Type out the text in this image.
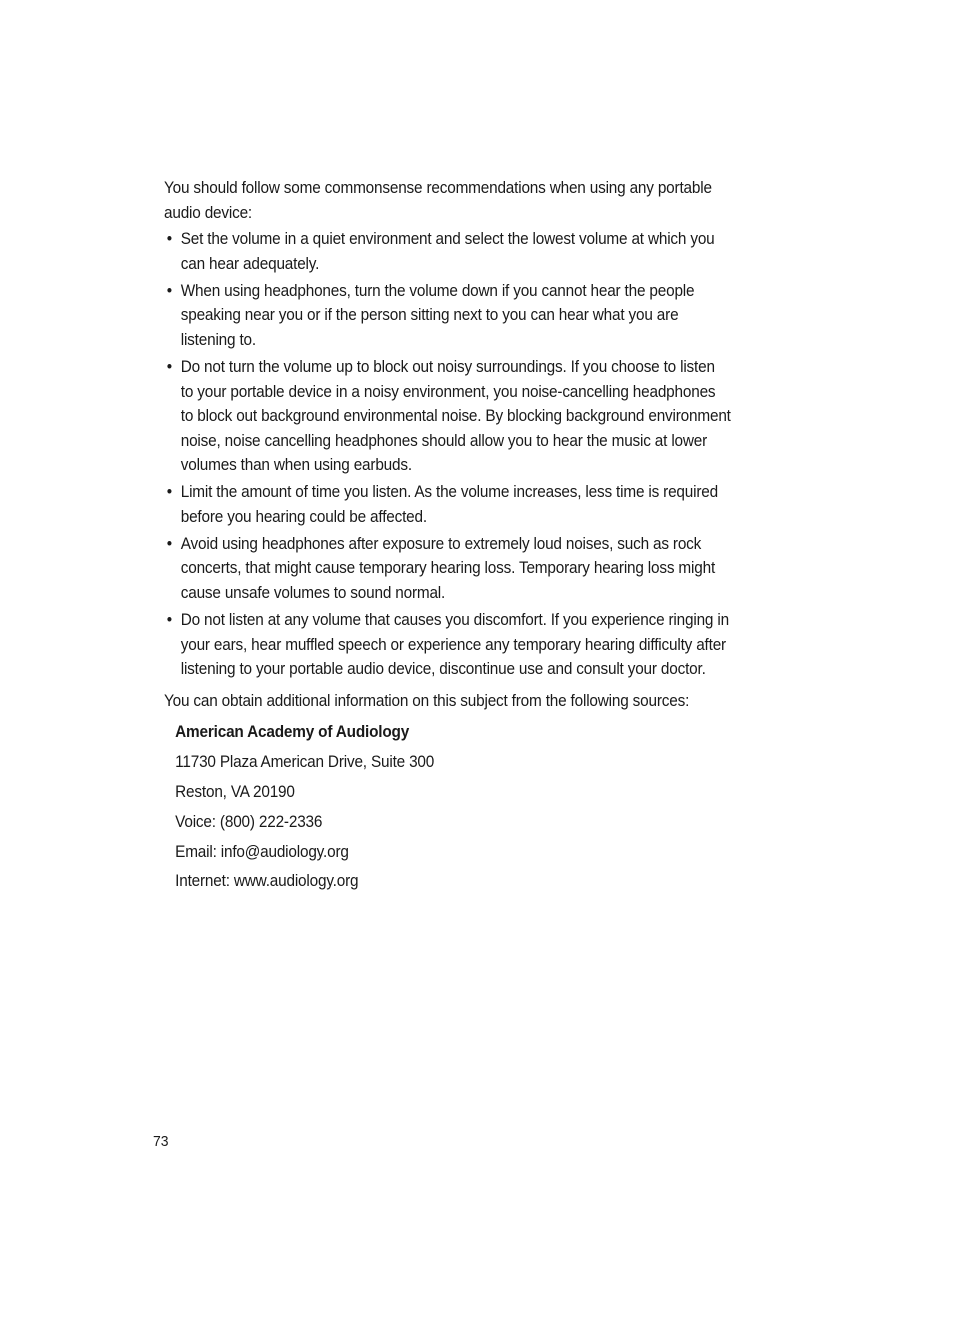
You should follow some commonsense recommendations when using any portable audio device:

• Set the volume in a quiet environment and select the lowest volume at which you can hear adequately.
• When using headphones, turn the volume down if you cannot hear the people speaking near you or if the person sitting next to you can hear what you are listening to.
• Do not turn the volume up to block out noisy surroundings. If you choose to listen to your portable device in a noisy environment, you noise-cancelling headphones to block out background environmental noise. By blocking background environment noise, noise cancelling headphones should allow you to hear the music at lower volumes than when using earbuds.
• Limit the amount of time you listen. As the volume increases, less time is required before you hearing could be affected.
• Avoid using headphones after exposure to extremely loud noises, such as rock concerts, that might cause temporary hearing loss. Temporary hearing loss might cause unsafe volumes to sound normal.
• Do not listen at any volume that causes you discomfort. If you experience ringing in your ears, hear muffled speech or experience any temporary hearing difficulty after listening to your portable audio device, discontinue use and consult your doctor.

You can obtain additional information on this subject from the following sources:

American Academy of Audiology
11730 Plaza American Drive, Suite 300
Reston, VA 20190
Voice: (800) 222-2336
Email: info@audiology.org
Internet: www.audiology.org
73
